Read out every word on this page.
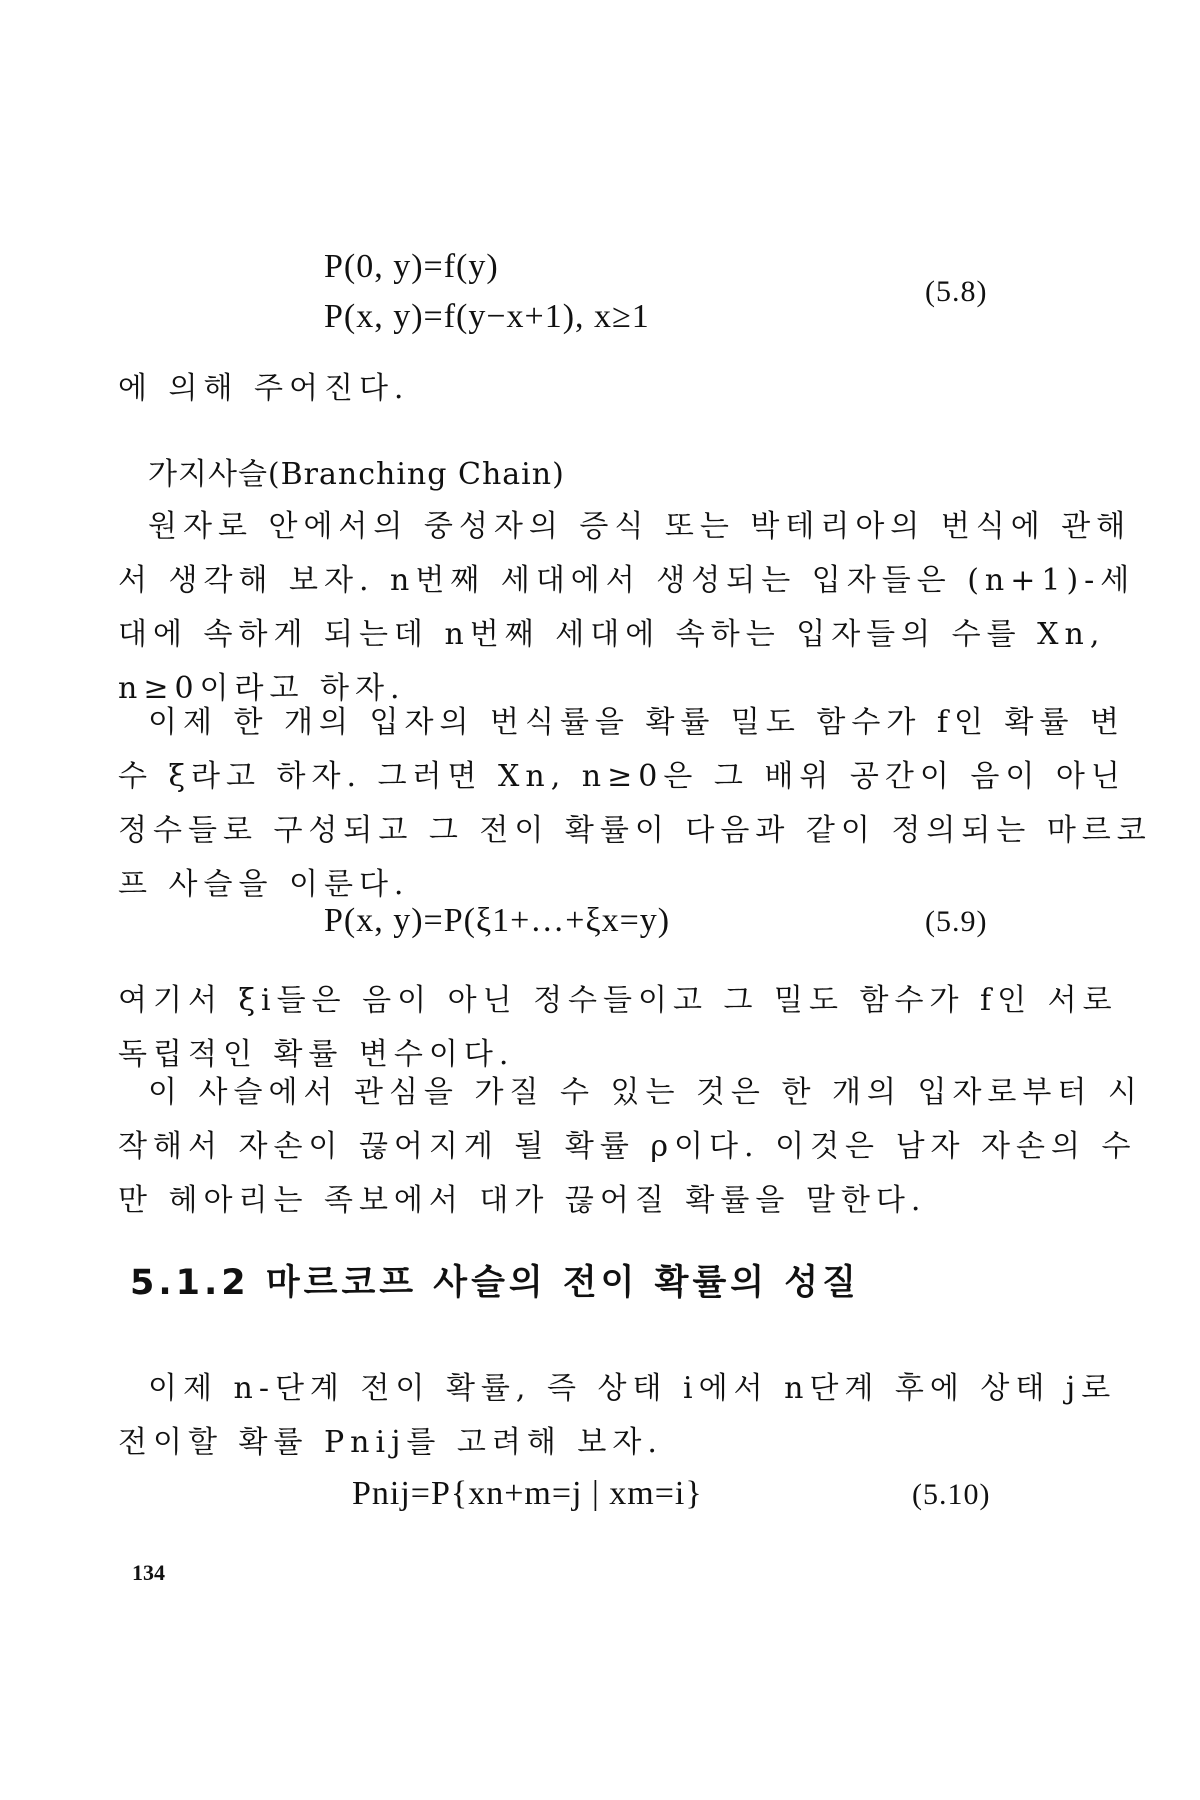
P(0, y)=f(y)
P(x, y)=f(y−x+1), x≥1
(5.8)
에 의해 주어진다.
가지사슬(Branching Chain)
원자로 안에서의 중성자의 증식 또는 박테리아의 번식에 관해
서 생각해 보자. n번째 세대에서 생성되는 입자들은 (n+1)-세
대에 속하게 되는데 n번째 세대에 속하는 입자들의 수를 Xn,
n≥0이라고 하자.
이제 한 개의 입자의 번식률을 확률 밀도 함수가 f인 확률 변
수 ξ라고 하자. 그러면 Xn, n≥0은 그 배위 공간이 음이 아닌
정수들로 구성되고 그 전이 확률이 다음과 같이 정의되는 마르코
프 사슬을 이룬다.
P(x, y)=P(ξ1+…+ξx=y)	(5.9)
여기서 ξi들은 음이 아닌 정수들이고 그 밀도 함수가 f인 서로
독립적인 확률 변수이다.
이 사슬에서 관심을 가질 수 있는 것은 한 개의 입자로부터 시
작해서 자손이 끊어지게 될 확률 ρ이다. 이것은 남자 자손의 수
만 헤아리는 족보에서 대가 끊어질 확률을 말한다.
5.1.2 마르코프 사슬의 전이 확률의 성질
이제 n-단계 전이 확률, 즉 상태 i에서 n단계 후에 상태 j로
전이할 확률 Pnij를 고려해 보자.
Pnij=P{xn+m=j | xm=i}	(5.10)
134
